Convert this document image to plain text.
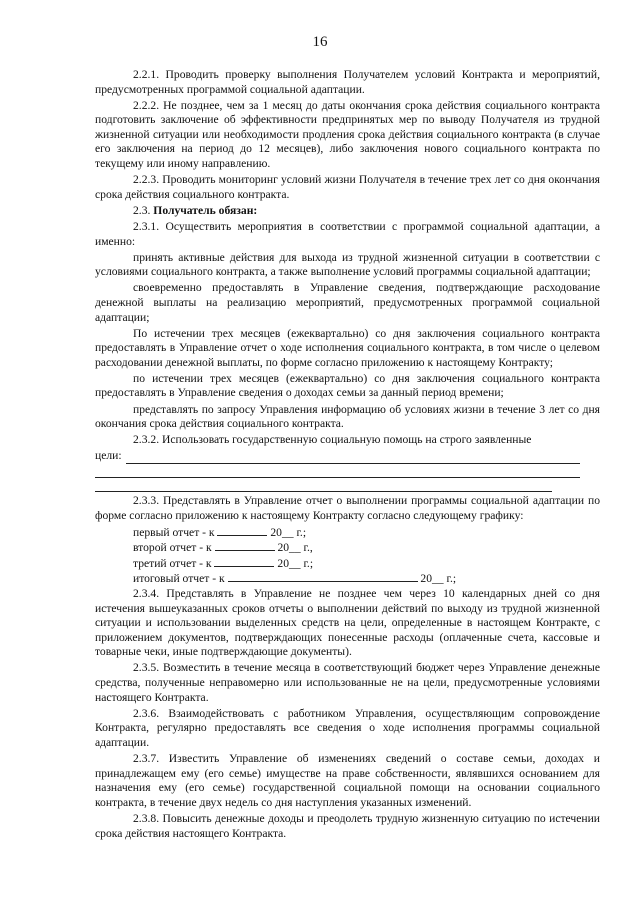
16

2.2.1. Проводить проверку выполнения Получателем условий Контракта и мероприятий, предусмотренных программой социальной адаптации.

2.2.2. Не позднее, чем за 1 месяц до даты окончания срока действия социального контракта подготовить заключение об эффективности предпринятых мер по выводу Получателя из трудной жизненной ситуации или необходимости продления срока действия социального контракта (в случае его заключения на период до 12 месяцев), либо заключения нового социального контракта по текущему или иному направлению.

2.2.3. Проводить мониторинг условий жизни Получателя в течение трех лет со дня окончания срока действия социального контракта.

2.3. Получатель обязан:

2.3.1. Осуществить мероприятия в соответствии с программой социальной адаптации, а именно:

принять активные действия для выхода из трудной жизненной ситуации в соответствии с условиями социального контракта, а также выполнение условий программы социальной адаптации;

своевременно предоставлять в Управление сведения, подтверждающие расходование денежной выплаты на реализацию мероприятий, предусмотренных программой социальной адаптации;

По истечении трех месяцев (ежеквартально) со дня заключения социального контракта предоставлять в Управление отчет о ходе исполнения социального контракта, в том числе о целевом расходовании денежной выплаты, по форме согласно приложению к настоящему Контракту;

по истечении трех месяцев (ежеквартально) со дня заключения социального контракта предоставлять в Управление сведения о доходах семьи за данный период времени;

представлять по запросу Управления информацию об условиях жизни в течение 3 лет со дня окончания срока действия социального контракта.

2.3.2. Использовать государственную социальную помощь на строго заявленные

цели:

2.3.3. Представлять в Управление отчет о выполнении программы социальной адаптации по форме согласно приложению к настоящему Контракту согласно следующему графику:

первый отчет - к	20__ г.;
второй отчет - к	20__ г.,
третий отчет - к	20__ г.;
итоговый отчет - к	20__ г.;

2.3.4. Представлять в Управление не позднее чем через 10 календарных дней со дня истечения вышеуказанных сроков отчеты о выполнении действий по выходу из трудной жизненной ситуации и использовании выделенных средств на цели, определенные в настоящем Контракте, с приложением документов, подтверждающих понесенные расходы (оплаченные счета, кассовые и товарные чеки, иные подтверждающие документы).

2.3.5. Возместить в течение месяца в соответствующий бюджет через Управление денежные средства, полученные неправомерно или использованные не на цели, предусмотренные условиями настоящего Контракта.

2.3.6. Взаимодействовать с работником Управления, осуществляющим сопровождение Контракта, регулярно предоставлять все сведения о ходе исполнения программы социальной адаптации.

2.3.7. Известить Управление об изменениях сведений о составе семьи, доходах и принадлежащем ему (его семье) имуществе на праве собственности, являвшихся основанием для назначения ему (его семье) государственной социальной помощи на основании социального контракта, в течение двух недель со дня наступления указанных изменений.

2.3.8. Повысить денежные доходы и преодолеть трудную жизненную ситуацию по истечении срока действия настоящего Контракта.
